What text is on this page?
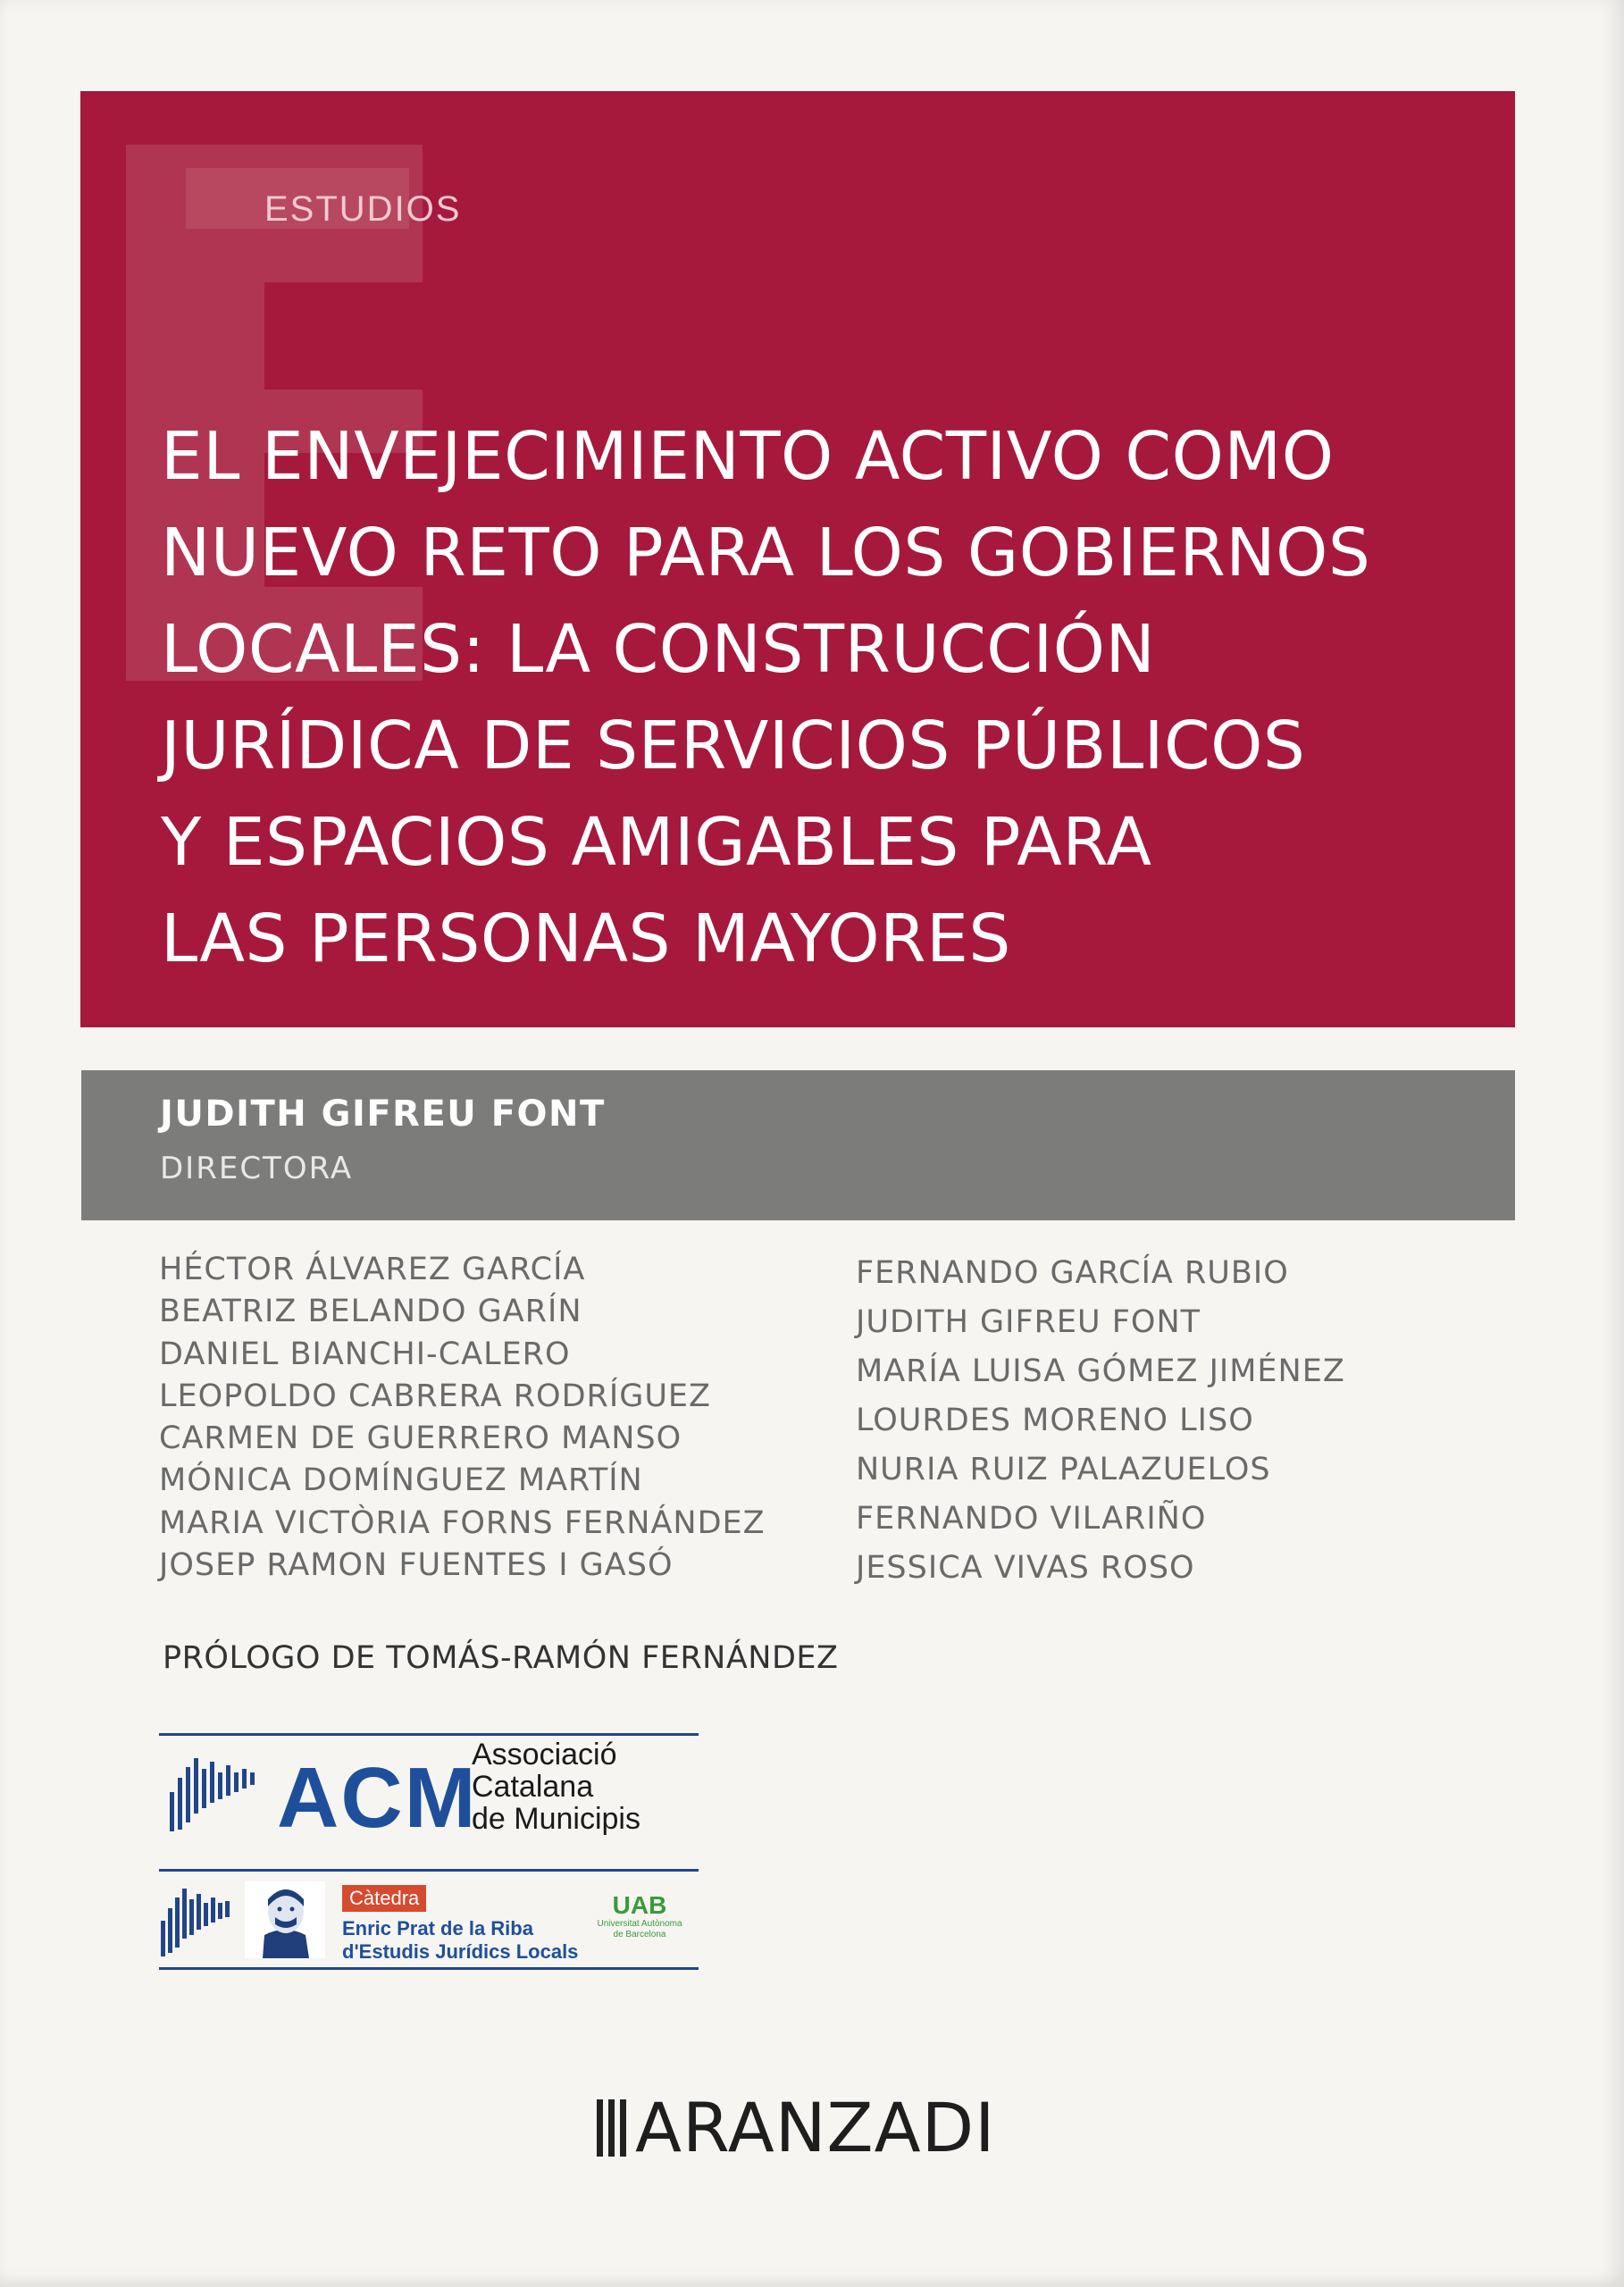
ESTUDIOS
EL ENVEJECIMIENTO ACTIVO COMO
NUEVO RETO PARA LOS GOBIERNOS
LOCALES: LA CONSTRUCCIÓN
JURÍDICA DE SERVICIOS PÚBLICOS
Y ESPACIOS AMIGABLES PARA
LAS PERSONAS MAYORES
JUDITH GIFREU FONT
DIRECTORA
HÉCTOR ÁLVAREZ GARCÍA
BEATRIZ BELANDO GARÍN
DANIEL BIANCHI-CALERO
LEOPOLDO CABRERA RODRÍGUEZ
CARMEN DE GUERRERO MANSO
MÓNICA DOMÍNGUEZ MARTÍN
MARIA VICTÒRIA FORNS FERNÁNDEZ
JOSEP RAMON FUENTES I GASÓ
FERNANDO GARCÍA RUBIO
JUDITH GIFREU FONT
MARÍA LUISA GÓMEZ JIMÉNEZ
LOURDES MORENO LISO
NURIA RUIZ PALAZUELOS
FERNANDO VILARIÑO
JESSICA VIVAS ROSO
PRÓLOGO DE TOMÁS-RAMÓN FERNÁNDEZ
ACM
Associació
Catalana
de Municipis
Càtedra
Enric Prat de la Riba
d'Estudis Jurídics Locals
UAB
Universitat Autònoma
de Barcelona
ARANZADI
